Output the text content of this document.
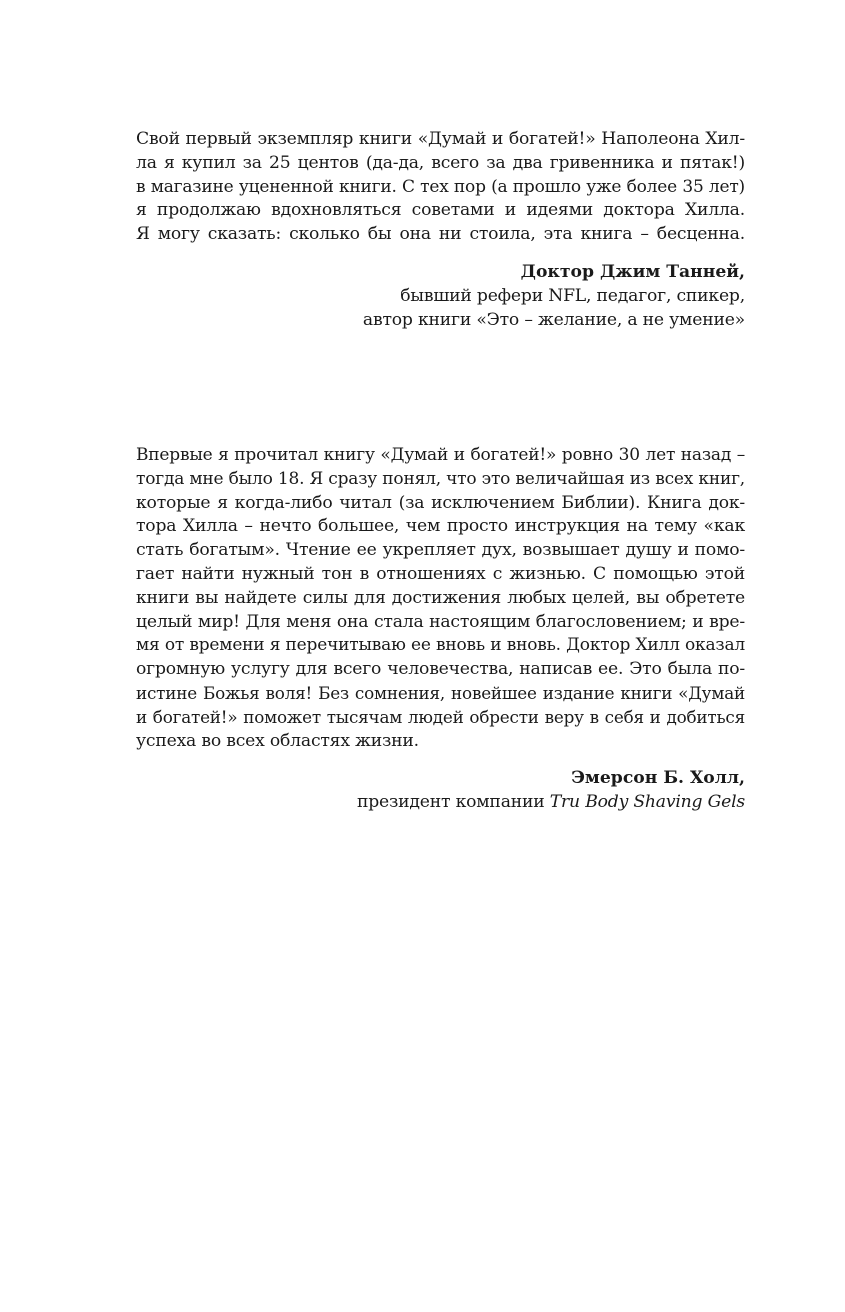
Свой первый экземпляр книги «Думай и богатей!» Наполеона Хил-
ла я купил за 25 центов (да-да, всего за два гривенника и пятак!)
в магазине уцененной книги. С тех пор (а прошло уже более 35 лет)
я продолжаю вдохновляться советами и идеями доктора Хилла.
Я могу сказать: сколько бы она ни стоила, эта книга – бесценна.
Доктор Джим Танней,
бывший рефери NFL, педагог, спикер,
автор книги «Это – желание, а не умение»
Впервые я прочитал книгу «Думай и богатей!» ровно 30 лет назад –
тогда мне было 18. Я сразу понял, что это величайшая из всех книг,
которые я когда-либо читал (за исключением Библии). Книга док-
тора Хилла – нечто большее, чем просто инструкция на тему «как
стать богатым». Чтение ее укрепляет дух, возвышает душу и помо-
гает найти нужный тон в отношениях с жизнью. С помощью этой
книги вы найдете силы для достижения любых целей, вы обретете
целый мир! Для меня она стала настоящим благословением; и вре-
мя от времени я перечитываю ее вновь и вновь. Доктор Хилл оказал
огромную услугу для всего человечества, написав ее. Это была по-
истине Божья воля! Без сомнения, новейшее издание книги «Думай
и богатей!» поможет тысячам людей обрести веру в себя и добиться
успеха во всех областях жизни.
Эмерсон Б. Холл,
президент компании Tru Body Shaving Gels
